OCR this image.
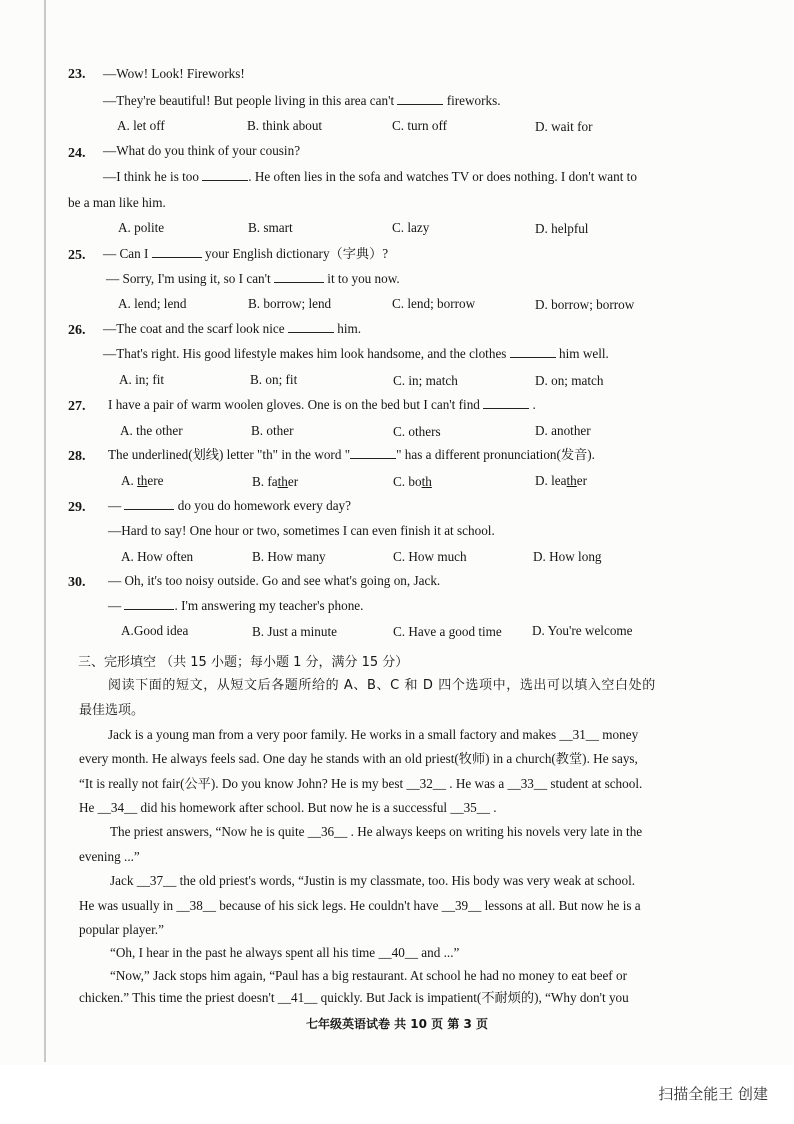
23. —Wow! Look! Fireworks!
—They're beautiful! But people living in this area can't	fireworks.
A. let off	B. think about	C. turn off	D. wait for
24. —What do you think of your cousin?
—I think he is too	. He often lies in the sofa and watches TV or does nothing. I don't want to
be a man like him.
A. polite	B. smart	C. lazy	D. helpful
25. — Can I	your English dictionary（字典）?
— Sorry, I'm using it, so I can't	it to you now.
A. lend; lend	B. borrow; lend	C. lend; borrow	D. borrow; borrow
26. —The coat and the scarf look nice	him.
—That's right. His good lifestyle makes him look handsome, and the clothes	him well.
A. in; fit	B. on; fit	C. in; match	D. on; match
27. I have a pair of warm woolen gloves. One is on the bed but I can't find	.
A. the other	B. other	C. others	D. another
28. The underlined(划线) letter "th" in the word "	" has a different pronunciation(发音).
A. there	B. father	C. both	D. leather
29. —	do you do homework every day?
—Hard to say! One hour or two, sometimes I can even finish it at school.
A. How often	B. How many	C. How much	D. How long
30. — Oh, it's too noisy outside. Go and see what's going on, Jack.
—	. I'm answering my teacher's phone.
A.Good idea	B. Just a minute	C. Have a good time D. You're welcome
三、完形填空 （共 15 小题；每小题 1 分，满分 15 分）
阅读下面的短文，从短文后各题所给的 A、B、C 和 D 四个选项中，选出可以填入空白处的
最佳选项。
Jack is a young man from a very poor family. He works in a small factory and makes __31__ money
every month. He always feels sad. One day he stands with an old priest(牧师) in a church(教堂). He says,
“It is really not fair(公平). Do you know John? He is my best __32__ . He was a __33__ student at school.
He __34__ did his homework after school. But now he is a successful __35__ .
The priest answers, “Now he is quite __36__ . He always keeps on writing his novels very late in the
evening ...”
Jack __37__ the old priest's words, “Justin is my classmate, too. His body was very weak at school.
He was usually in __38__ because of his sick legs. He couldn't have __39__ lessons at all. But now he is a
popular player.”
“Oh, I hear in the past he always spent all his time __40__ and ...”
“Now,” Jack stops him again, “Paul has a big restaurant. At school he had no money to eat beef or
chicken.” This time the priest doesn't __41__ quickly. But Jack is impatient(不耐烦的), “Why don't you
七年级英语试卷 共 10 页 第 3 页
扫描全能王 创建
